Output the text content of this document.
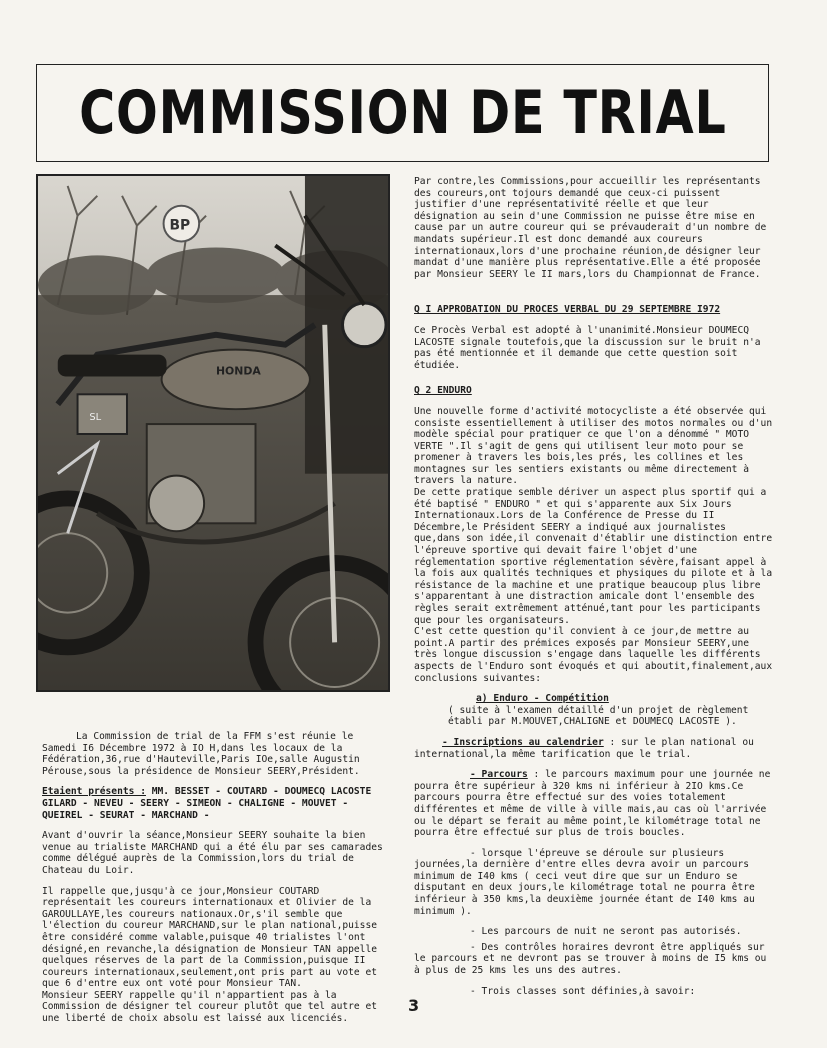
COMMISSION DE TRIAL
BP
HONDA
SL

La Commission de trial de la FFM s'est réunie le Samedi I6 Décembre 1972 à IO H,dans les locaux de la Fédération,36,rue d'Hauteville,Paris IOe,salle Augustin Pérouse,sous la présidence de Monsieur SEERY,Président.

Etaient présents : MM. BESSET - COUTARD - DOUMECQ LACOSTE GILARD - NEVEU - SEERY - SIMEON - CHALIGNE - MOUVET - QUEIREL - SEURAT - MARCHAND -

Avant d'ouvrir la séance,Monsieur SEERY souhaite la bien venue au trialiste MARCHAND qui a été élu par ses camarades comme délégué auprès de la Commission,lors du trial de Chateau du Loir.

Il rappelle que,jusqu'à ce jour,Monsieur COUTARD représentait les coureurs internationaux et Olivier de la GAROULLAYE,les coureurs nationaux.Or,s'il semble que l'élection du coureur MARCHAND,sur le plan national,puisse être considéré comme valable,puisque 40 trialistes l'ont désigné,en revanche,la désignation de Monsieur TAN appelle quelques réserves de la part de la Commission,puisque II coureurs internationaux,seulement,ont pris part au vote et que 6 d'entre eux ont voté pour Monsieur TAN.

Monsieur SEERY rappelle qu'il n'appartient pas à la Commission de désigner tel coureur plutôt que tel autre et une liberté de choix absolu est laissé aux licenciés.

Par contre,les Commissions,pour accueillir les représentants des coureurs,ont tojours demandé que ceux-ci puissent justifier d'une représentativité réelle et que leur désignation au sein d'une Commission ne puisse être mise en cause par un autre coureur qui se prévauderait d'un nombre de mandats supérieur.Il est donc demandé aux coureurs internationaux,lors d'une prochaine réunion,de désigner leur mandat d'une manière plus représentative.Elle a été proposée par Monsieur SEERY le II mars,lors du Championnat de France.

Q I APPROBATION DU PROCES VERBAL DU 29 SEPTEMBRE I972

Ce Procès Verbal est adopté à l'unanimité.Monsieur DOUMECQ LACOSTE signale toutefois,que la discussion sur le bruit n'a pas été mentionnée et il demande que cette question soit étudiée.

Q 2 ENDURO

Une nouvelle forme d'activité motocycliste a été observée qui consiste essentiellement à utiliser des motos normales ou d'un modèle spécial pour pratiquer ce que l'on a dénommé " MOTO VERTE ".Il s'agit de gens qui utilisent leur moto pour se promener à travers les bois,les prés, les collines et les montagnes sur les sentiers existants ou même directement à travers la nature.

De cette pratique semble dériver un aspect plus sportif qui a été baptisé " ENDURO " et qui s'apparente aux Six Jours Internationaux.Lors de la Conférence de Presse du II Décembre,le Président SEERY a indiqué aux journalistes que,dans son idée,il convenait d'établir une distinction entre l'épreuve sportive qui devait faire l'objet d'une réglementation sportive réglementation sévère,faisant appel à la fois aux qualités techniques et physiques du pilote et à la résistance de la machine et une pratique beaucoup plus libre s'apparentant à une distraction amicale dont l'ensemble des règles serait extrêmement atténué,tant pour les participants que pour les organisateurs.

C'est cette question qu'il convient à ce jour,de mettre au point.A partir des prémices exposés par Monsieur SEERY,une très longue discussion s'engage dans laquelle les différents aspects de l'Enduro sont évoqués et qui aboutit,finalement,aux conclusions suivantes:

a) Enduro - Compétition

( suite à l'examen détaillé d'un projet de règlement établi par M.MOUVET,CHALIGNE et DOUMECQ LACOSTE ).

- Inscriptions au calendrier : sur le plan national ou international,la même tarification que le trial.

- Parcours : le parcours maximum pour une journée ne pourra être supérieur à 320 kms ni inférieur à 2IO kms.Ce parcours pourra être effectué sur des voies totalement différentes et même de ville à ville mais,au cas où l'arrivée ou le départ se ferait au même point,le kilométrage total ne pourra être effectué sur plus de trois boucles.

- lorsque l'épreuve se déroule sur plusieurs journées,la dernière d'entre elles devra avoir un parcours minimum de I40 kms ( ceci veut dire que sur un Enduro se disputant en deux jours,le kilométrage total ne pourra être inférieur à 350 kms,la deuxième journée étant de I40 kms au minimum ).

- Les parcours de nuit ne seront pas autorisés.

- Des contrôles horaires devront être appliqués sur le parcours et ne devront pas se trouver à moins de I5 kms ou à plus de 25 kms les uns des autres.

- Trois classes sont définies,à savoir:

3
